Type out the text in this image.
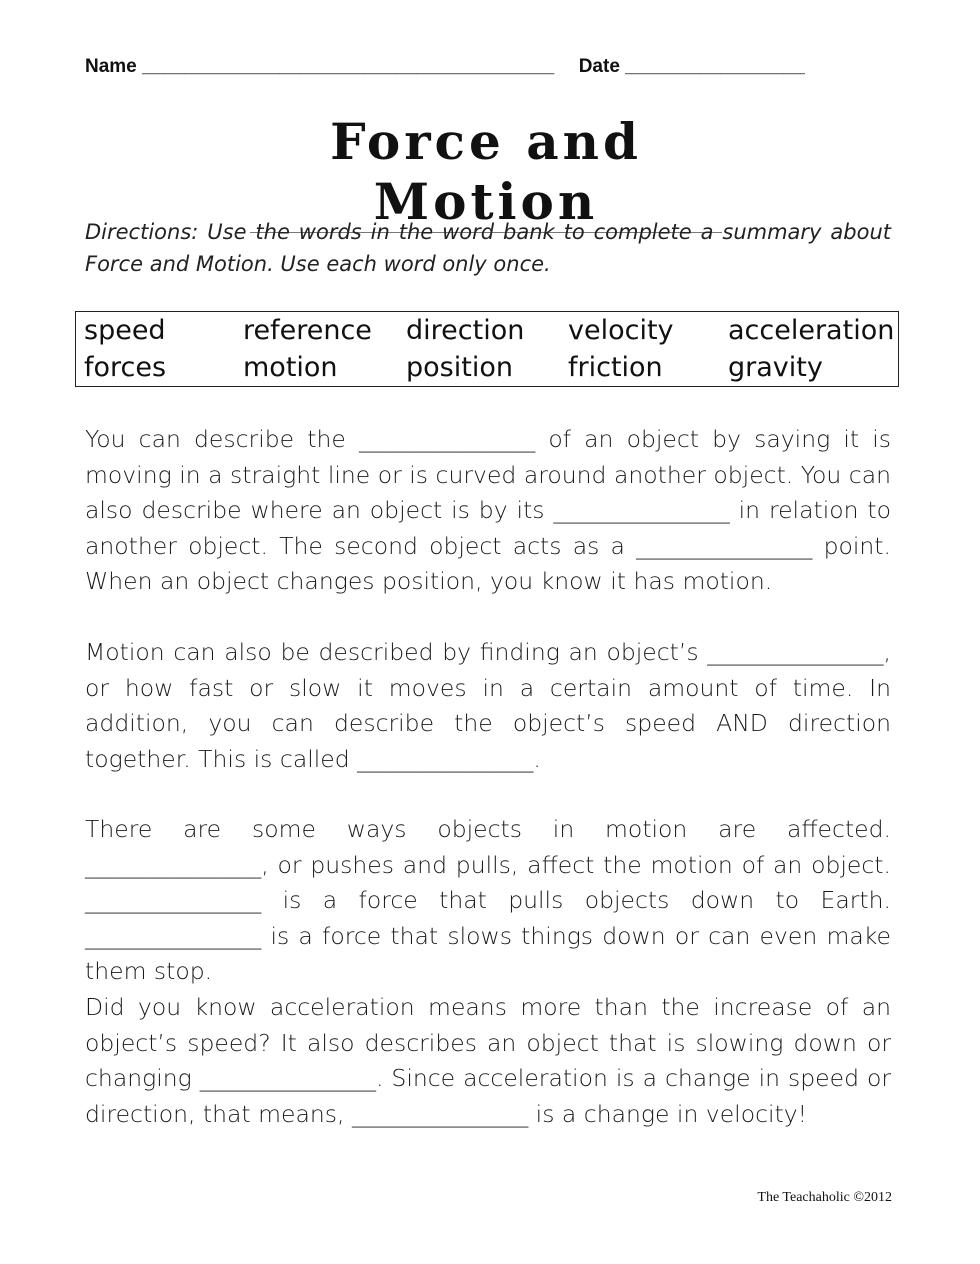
Name _______________________________________ Date _________________
Force and Motion
Directions: Use the words in the word bank to complete a summary about Force and Motion. Use each word only once.
speed	reference	direction	velocity	acceleration
forces	motion	position	friction	gravity
You can describe the _______________ of an object by saying it is moving in a straight line or is curved around another object. You can also describe where an object is by its _______________ in relation to another object. The second object acts as a _______________ point. When an object changes position, you know it has motion.
Motion can also be described by finding an object’s _______________, or how fast or slow it moves in a certain amount of time. In addition, you can describe the object’s speed AND direction together. This is called _______________.
There are some ways objects in motion are affected. _______________, or pushes and pulls, affect the motion of an object. _______________ is a force that pulls objects down to Earth. _______________ is a force that slows things down or can even make them stop.
Did you know acceleration means more than the increase of an object’s speed? It also describes an object that is slowing down or changing _______________. Since acceleration is a change in speed or direction, that means, _______________ is a change in velocity!
The Teachaholic ©2012
